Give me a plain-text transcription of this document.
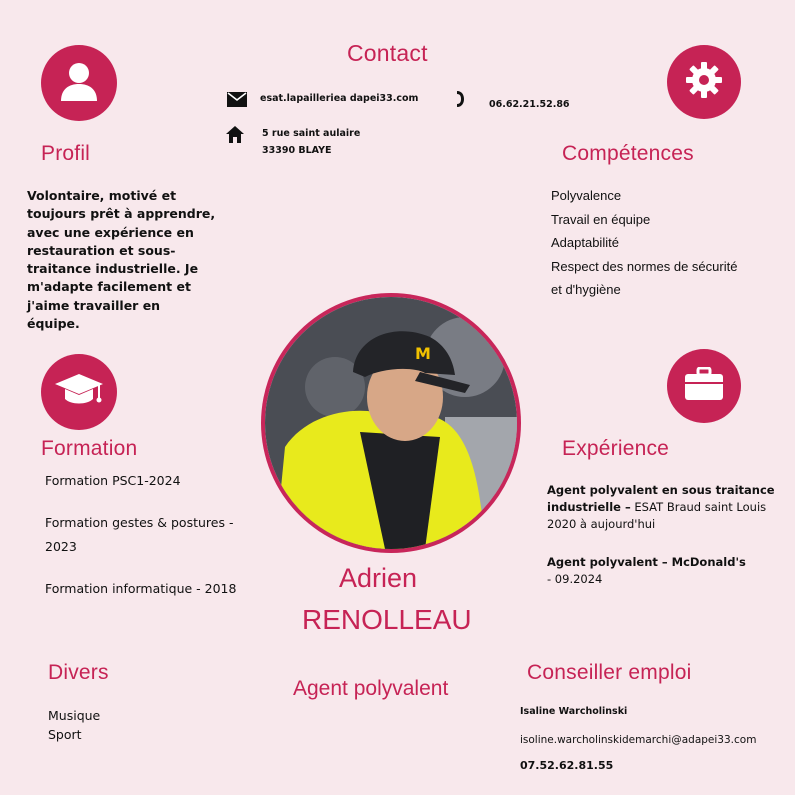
Contact
esat.lapailleriea dapei33.com
06.62.21.52.86
5 rue saint aulaire
33390 BLAYE
Profil
Volontaire, motivé et
toujours prêt à apprendre,
avec une expérience en
restauration et sous-
traitance industrielle. Je
m'adapte facilement et
j'aime travailler en
équipe.
Compétences
Polyvalence
Travail en équipe
Adaptabilité
Respect des normes de sécurité
et d'hygiène
M
Formation
Formation PSC1-2024
Formation gestes & postures -
2023
Formation informatique - 2018
Expérience
Agent polyvalent en sous traitance
industrielle – ESAT Braud saint Louis
2020 à aujourd'hui
Agent polyvalent – McDonald's
- 09.2024
Adrien
RENOLLEAU
Agent polyvalent
Divers
Musique
Sport
Conseiller emploi
Isaline Warcholinski
isoline.warcholinskidemarchi@adapei33.com
07.52.62.81.55
